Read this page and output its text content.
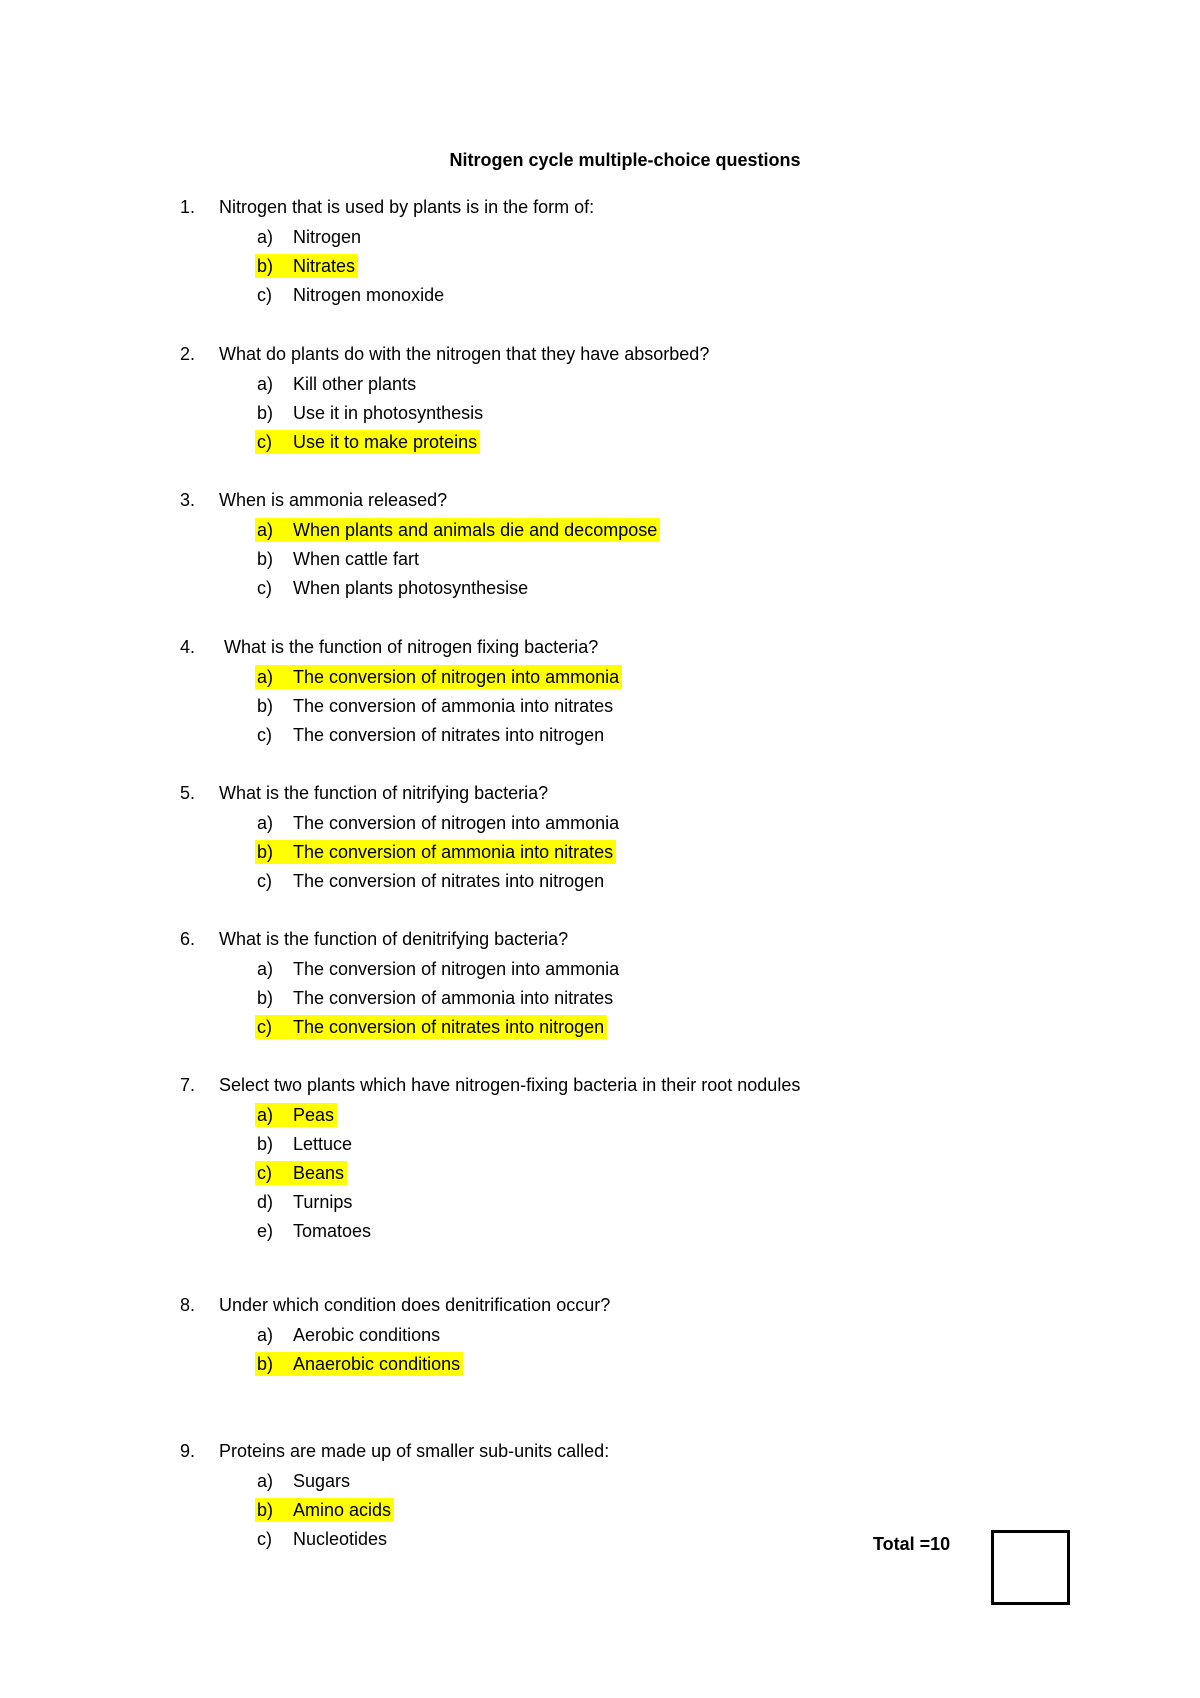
Nitrogen cycle multiple-choice questions
1. Nitrogen that is used by plants is in the form of:
a)	Nitrogen
b)	Nitrates
c)	Nitrogen monoxide
2. What do plants do with the nitrogen that they have absorbed?
a)	Kill other plants
b)	Use it in photosynthesis
c)	Use it to make proteins
3. When is ammonia released?
a)	When plants and animals die and decompose
b)	When cattle fart
c)	When plants photosynthesise
4. What is the function of nitrogen fixing bacteria?
a)	The conversion of nitrogen into ammonia
b)	The conversion of ammonia into nitrates
c)	The conversion of nitrates into nitrogen
5. What is the function of nitrifying bacteria?
a)	The conversion of nitrogen into ammonia
b)	The conversion of ammonia into nitrates
c)	The conversion of nitrates into nitrogen
6. What is the function of denitrifying bacteria?
a)	The conversion of nitrogen into ammonia
b)	The conversion of ammonia into nitrates
c)	The conversion of nitrates into nitrogen
7. Select two plants which have nitrogen-fixing bacteria in their root nodules
a)	Peas
b)	Lettuce
c)	Beans
d)	Turnips
e)	Tomatoes
8. Under which condition does denitrification occur?
a)	Aerobic conditions
b)	Anaerobic conditions
9. Proteins are made up of smaller sub-units called:
a)	Sugars
b)	Amino acids
c)	Nucleotides	Total =10
